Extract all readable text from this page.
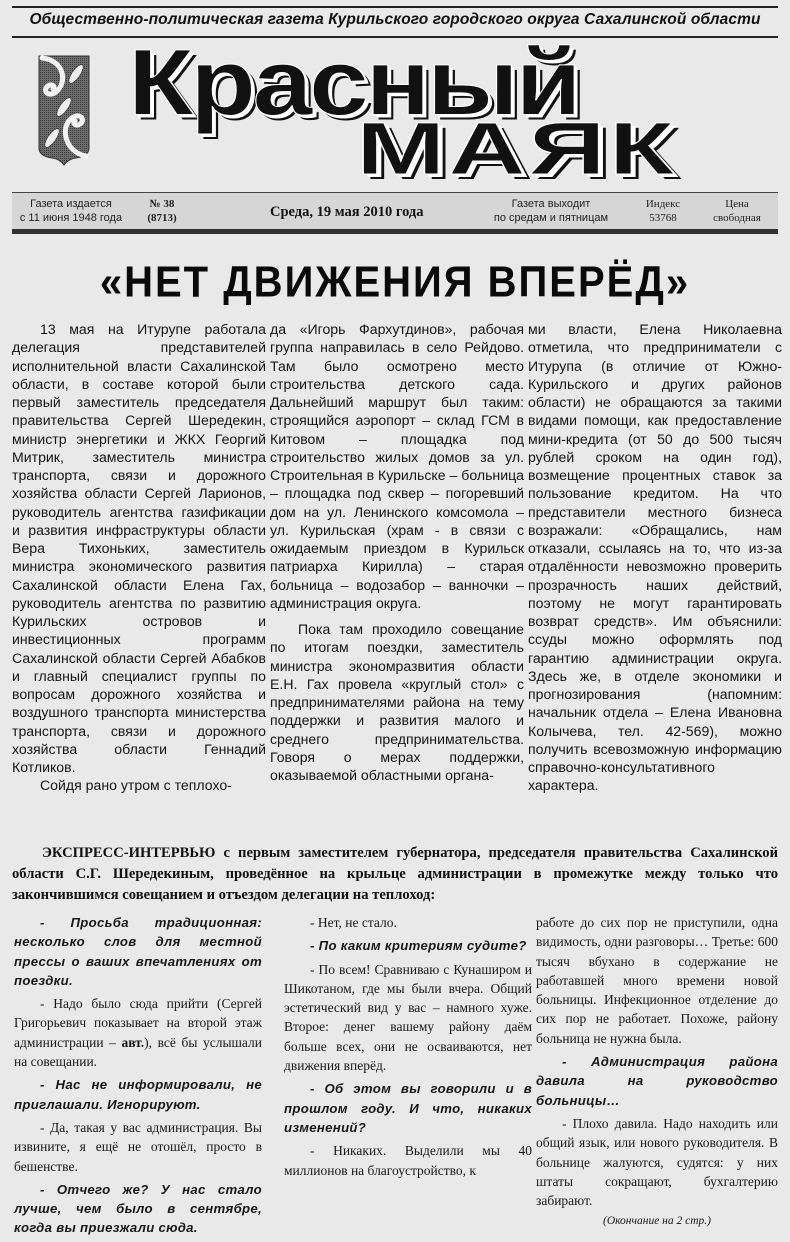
Общественно-политическая газета Курильского городского округа Сахалинской области
Красный
МАЯК
Газета издается
с 11 июня 1948 года
№ 38
(8713)	Среда, 19 мая 2010 года	Газета выходит
по средам и пятницам
Индекс
53768
Цена
свободная
«НЕТ ДВИЖЕНИЯ ВПЕРЁД»

13 мая на Итурупе работала делегация представителей исполнительной власти Сахалинской области, в составе которой были первый заместитель председателя правительства Сергей Шередекин, министр энергетики и ЖКХ Георгий Митрик, заместитель министра транспорта, связи и дорожного хозяйства области Сергей Ларионов, руководитель агентства газификации и развития инфраструктуры области Вера Тихоньких, заместитель министра экономического развития Сахалинской области Елена Гах, руководитель агентства по развитию Курильских островов и инвестиционных программ Сахалинской области Сергей Абабков и главный специалист группы по вопросам дорожного хозяйства и воздушного транспорта министерства транспорта, связи и дорожного хозяйства области Геннадий Котликов.

Сойдя рано утром с теплохо-

да «Игорь Фархутдинов», рабочая группа направилась в село Рейдово. Там было осмотрено место строительства детского сада. Дальнейший маршрут был таким: строящийся аэропорт – склад ГСМ в Китовом – площадка под строительство жилых домов за ул. Строительная в Курильске – больница – площадка под сквер – погоревший дом на ул. Ленинского комсомола – ул. Курильская (храм - в связи с ожидаемым приездом в Курильск патриарха Кирилла) – старая больница – водозабор – ванночки – администрация округа.

Пока там проходило совещание по итогам поездки, заместитель министра экономразвития области Е.Н. Гах провела «круглый стол» с предпринимателями района на тему поддержки и развития малого и среднего предпринимательства. Говоря о мерах поддержки, оказываемой областными органа-

ми власти, Елена Николаевна отметила, что предприниматели с Итурупа (в отличие от Южно-Курильского и других районов области) не обращаются за такими видами помощи, как предоставление мини-кредита (от 50 до 500 тысяч рублей сроком на один год), возмещение процентных ставок за пользование кредитом. На что представители местного бизнеса возражали: «Обращались, нам отказали, ссылаясь на то, что из-за отдалённости невозможно проверить прозрачность наших действий, поэтому не могут гарантировать возврат средств». Им объяснили: ссуды можно оформлять под гарантию администрации округа. Здесь же, в отделе экономики и прогнозирования (напомним: начальник отдела – Елена Ивановна Колычева, тел. 42-569), можно получить всевозможную информацию справочно-консультативного характера.

ЭКСПРЕСС-ИНТЕРВЬЮ с первым заместителем губернатора, председателя правительства Сахалинской области С.Г. Шередекиным, проведённое на крыльце администрации в промежутке между только что закончившимся совещанием и отъездом делегации на теплоход:

- Просьба традиционная: несколько слов для местной прессы о ваших впечатлениях от поездки.

- Надо было сюда прийти (Сергей Григорьевич показывает на второй этаж администрации – авт.), всё бы услышали на совещании.

- Нас не информировали, не приглашали. Игнорируют.

- Да, такая у вас администрация. Вы извините, я ещё не отошёл, просто в бешенстве.

- Отчего же? У нас стало лучше, чем было в сентябре, когда вы приезжали сюда.

- Нет, не стало.

- По каким критериям судите?

- По всем! Сравниваю с Кунаширом и Шикотаном, где мы были вчера. Общий эстетический вид у вас – намного хуже. Второе: денег вашему району даём больше всех, они не осваиваются, нет движения вперёд.

- Об этом вы говорили и в прошлом году. И что, никаких изменений?

- Никаких. Выделили мы 40 миллионов на благоустройство, к

работе до сих пор не приступили, одна видимость, одни разговоры… Третье: 600 тысяч вбухано в содержание не работавшей много времени новой больницы. Инфекционное отделение до сих пор не работает. Похоже, району больница не нужна была.

- Администрация района давила на руководство больницы…

- Плохо давила. Надо находить или общий язык, или нового руководителя. В больнице жалуются, судятся: у них штаты сокращают, бухгалтерию забирают.

(Окончание на 2 стр.)
